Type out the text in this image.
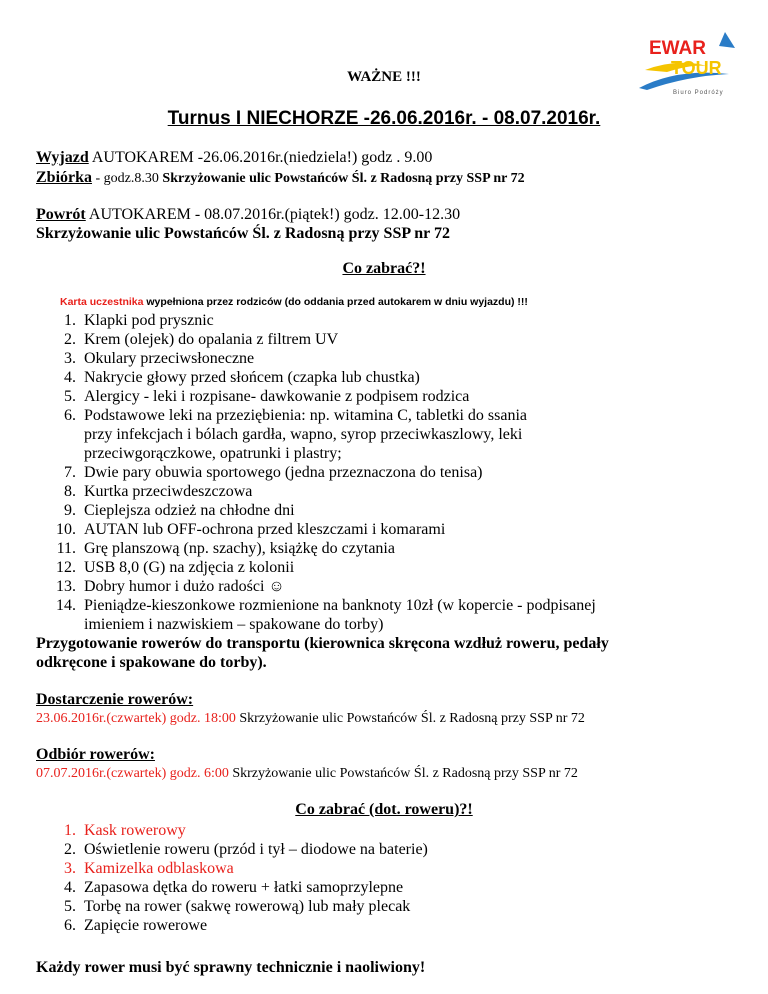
EWAR
TOUR
Biuro Podróży
WAŻNE !!!
Turnus I NIECHORZE -26.06.2016r. - 08.07.2016r.
Wyjazd AUTOKAREM -26.06.2016r.(niedziela!) godz . 9.00
Zbiórka - godz.8.30 Skrzyżowanie ulic Powstańców Śl. z Radosną przy SSP nr 72
Powrót AUTOKAREM - 08.07.2016r.(piątek!) godz. 12.00-12.30
Skrzyżowanie ulic Powstańców Śl. z Radosną przy SSP nr 72
Co zabrać?!
Karta uczestnika wypełniona przez rodziców (do oddania przed autokarem w dniu wyjazdu) !!!
1. Klapki pod prysznic
2. Krem (olejek) do opalania z filtrem UV
3. Okulary przeciwsłoneczne
4. Nakrycie głowy przed słońcem (czapka lub chustka)
5. Alergicy - leki i rozpisane- dawkowanie z podpisem rodzica
6. Podstawowe leki na przeziębienia: np. witamina C, tabletki do ssania
przy infekcjach i bólach gardła, wapno, syrop przeciwkaszlowy, leki
przeciwgorączkowe, opatrunki i plastry;
7. Dwie pary obuwia sportowego (jedna przeznaczona do tenisa)
8. Kurtka przeciwdeszczowa
9. Cieplejsza odzież na chłodne dni
10. AUTAN lub OFF-ochrona przed kleszczami i komarami
11. Grę planszową (np. szachy), książkę do czytania
12. USB 8,0 (G) na zdjęcia z kolonii
13. Dobry humor i dużo radości ☺
14. Pieniądze-kieszonkowe rozmienione na banknoty 10zł (w kopercie - podpisanej
imieniem i nazwiskiem – spakowane do torby)
Przygotowanie rowerów do transportu (kierownica skręcona wzdłuż roweru, pedały
odkręcone i spakowane do torby).
Dostarczenie rowerów:
23.06.2016r.(czwartek) godz. 18:00 Skrzyżowanie ulic Powstańców Śl. z Radosną przy SSP nr 72
Odbiór rowerów:
07.07.2016r.(czwartek) godz. 6:00 Skrzyżowanie ulic Powstańców Śl. z Radosną przy SSP nr 72
Co zabrać (dot. roweru)?!
1. Kask rowerowy
2. Oświetlenie roweru (przód i tył – diodowe na baterie)
3. Kamizelka odblaskowa
4. Zapasowa dętka do roweru + łatki samoprzylepne
5. Torbę na rower (sakwę rowerową) lub mały plecak
6. Zapięcie rowerowe
Każdy rower musi być sprawny technicznie i naoliwiony!
